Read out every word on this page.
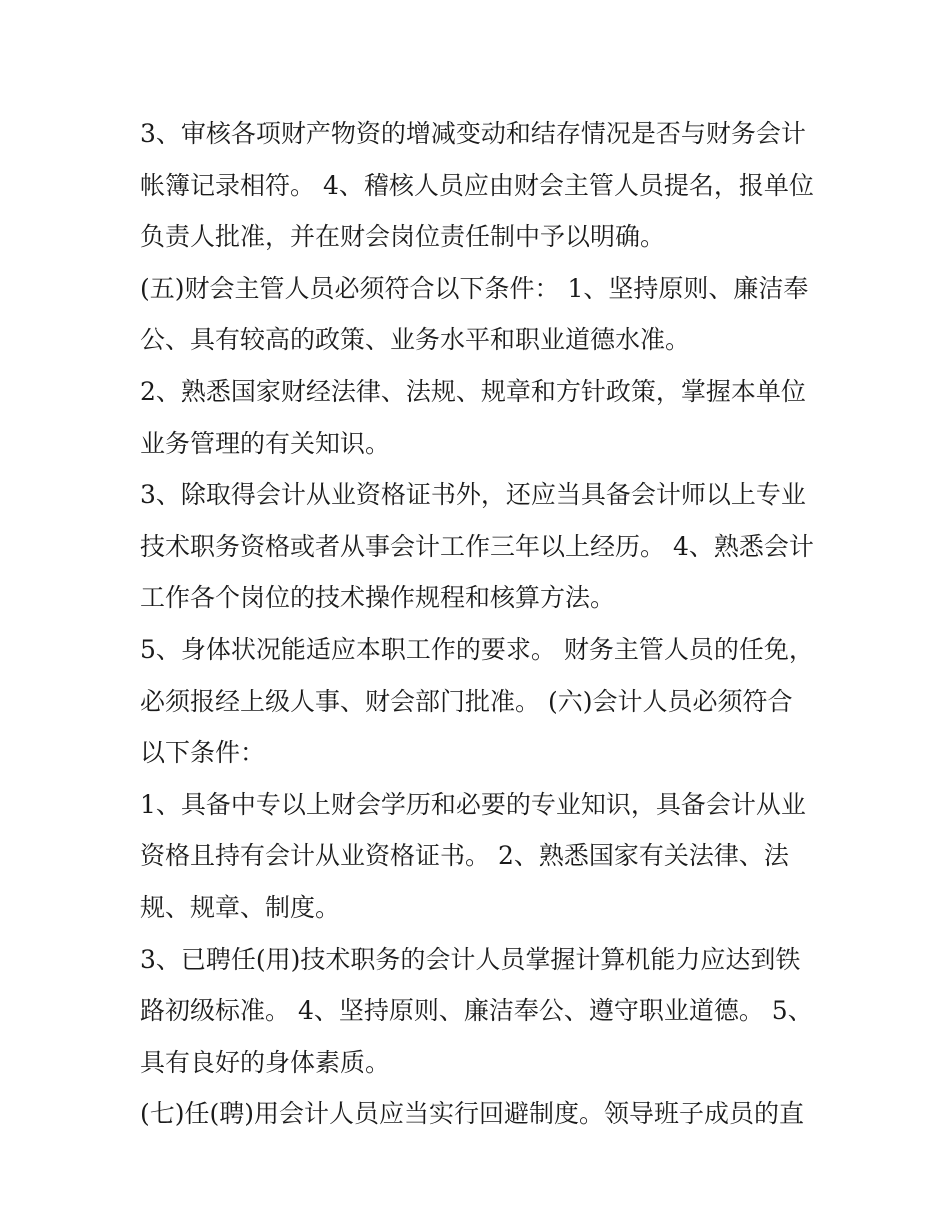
3、审核各项财产物资的增减变动和结存情况是否与财务会计
帐簿记录相符。 4、稽核人员应由财会主管人员提名，报单位
负责人批准，并在财会岗位责任制中予以明确。
(五)财会主管人员必须符合以下条件： 1、坚持原则、廉洁奉
公、具有较高的政策、业务水平和职业道德水准。
2、熟悉国家财经法律、法规、规章和方针政策，掌握本单位
业务管理的有关知识。
3、除取得会计从业资格证书外，还应当具备会计师以上专业
技术职务资格或者从事会计工作三年以上经历。 4、熟悉会计
工作各个岗位的技术操作规程和核算方法。
5、身体状况能适应本职工作的要求。 财务主管人员的任免，
必须报经上级人事、财会部门批准。 (六)会计人员必须符合
以下条件：
1、具备中专以上财会学历和必要的专业知识，具备会计从业
资格且持有会计从业资格证书。 2、熟悉国家有关法律、法
规、规章、制度。
3、已聘任(用)技术职务的会计人员掌握计算机能力应达到铁
路初级标准。 4、坚持原则、廉洁奉公、遵守职业道德。 5、
具有良好的身体素质。
(七)任(聘)用会计人员应当实行回避制度。领导班子成员的直
